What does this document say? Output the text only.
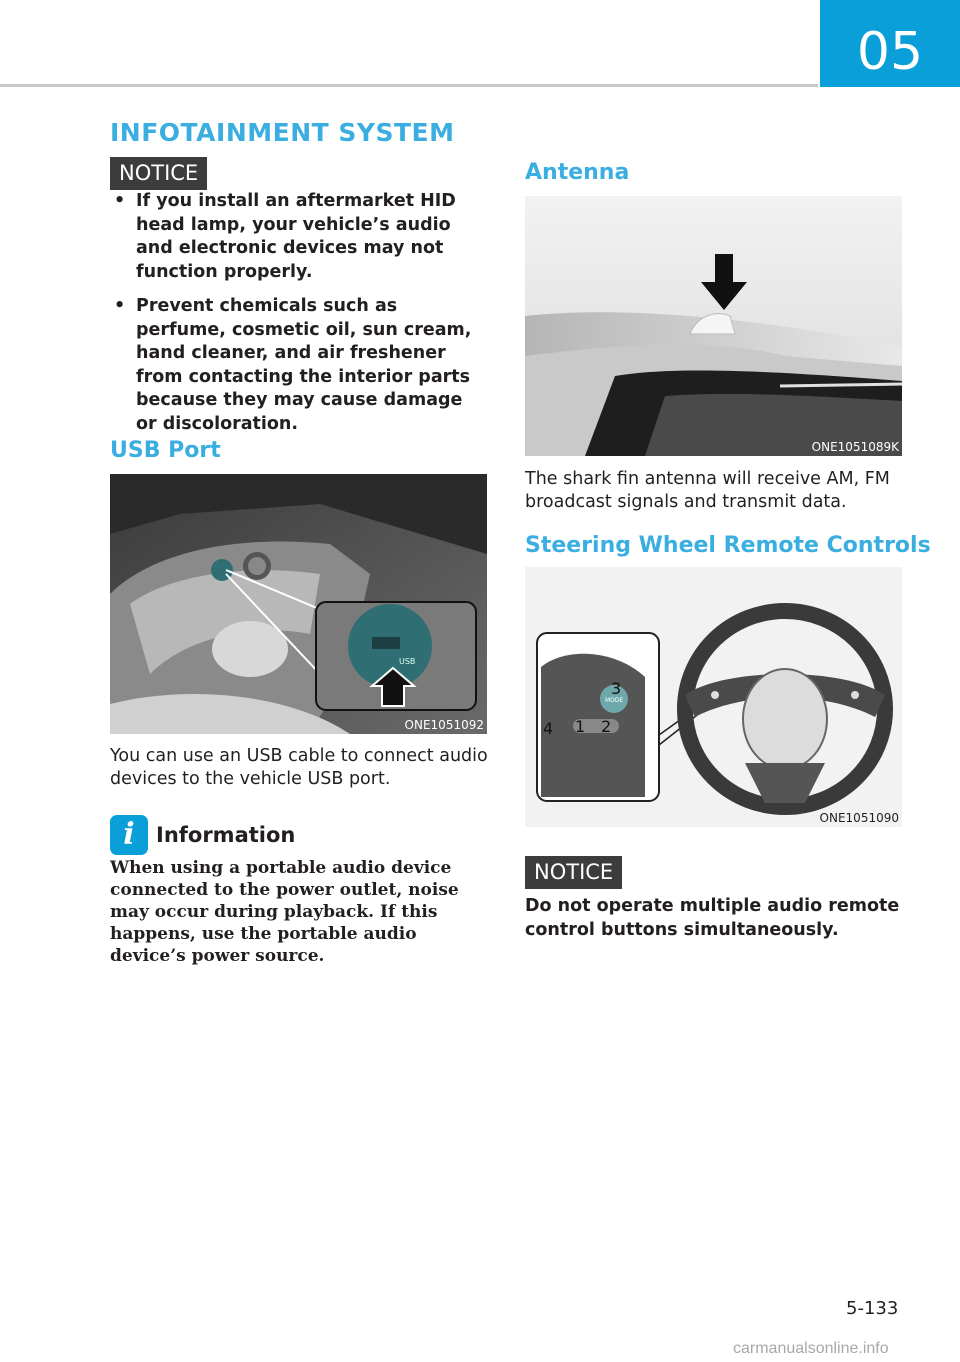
05
INFOTAINMENT SYSTEM
NOTICE
• If you install an aftermarket HID head lamp, your vehicle’s audio and electronic devices may not function properly.
• Prevent chemicals such as perfume, cosmetic oil, sun cream, hand cleaner, and air freshener from contacting the interior parts because they may cause damage or discoloration.
USB Port
USB
ONE1051092

You can use an USB cable to connect audio devices to the vehicle USB port.

i	Information

When using a portable audio device connected to the power outlet, noise may occur during playback. If this happens, use the portable audio device’s power source.

Antenna
ONE1051089K

The shark fin antenna will receive AM, FM broadcast signals and transmit data.

Steering Wheel Remote Controls
MODE
3
4 1 2
ONE1051090
NOTICE

Do not operate multiple audio remote control buttons simultaneously.

5-133
carmanualsonline.info
